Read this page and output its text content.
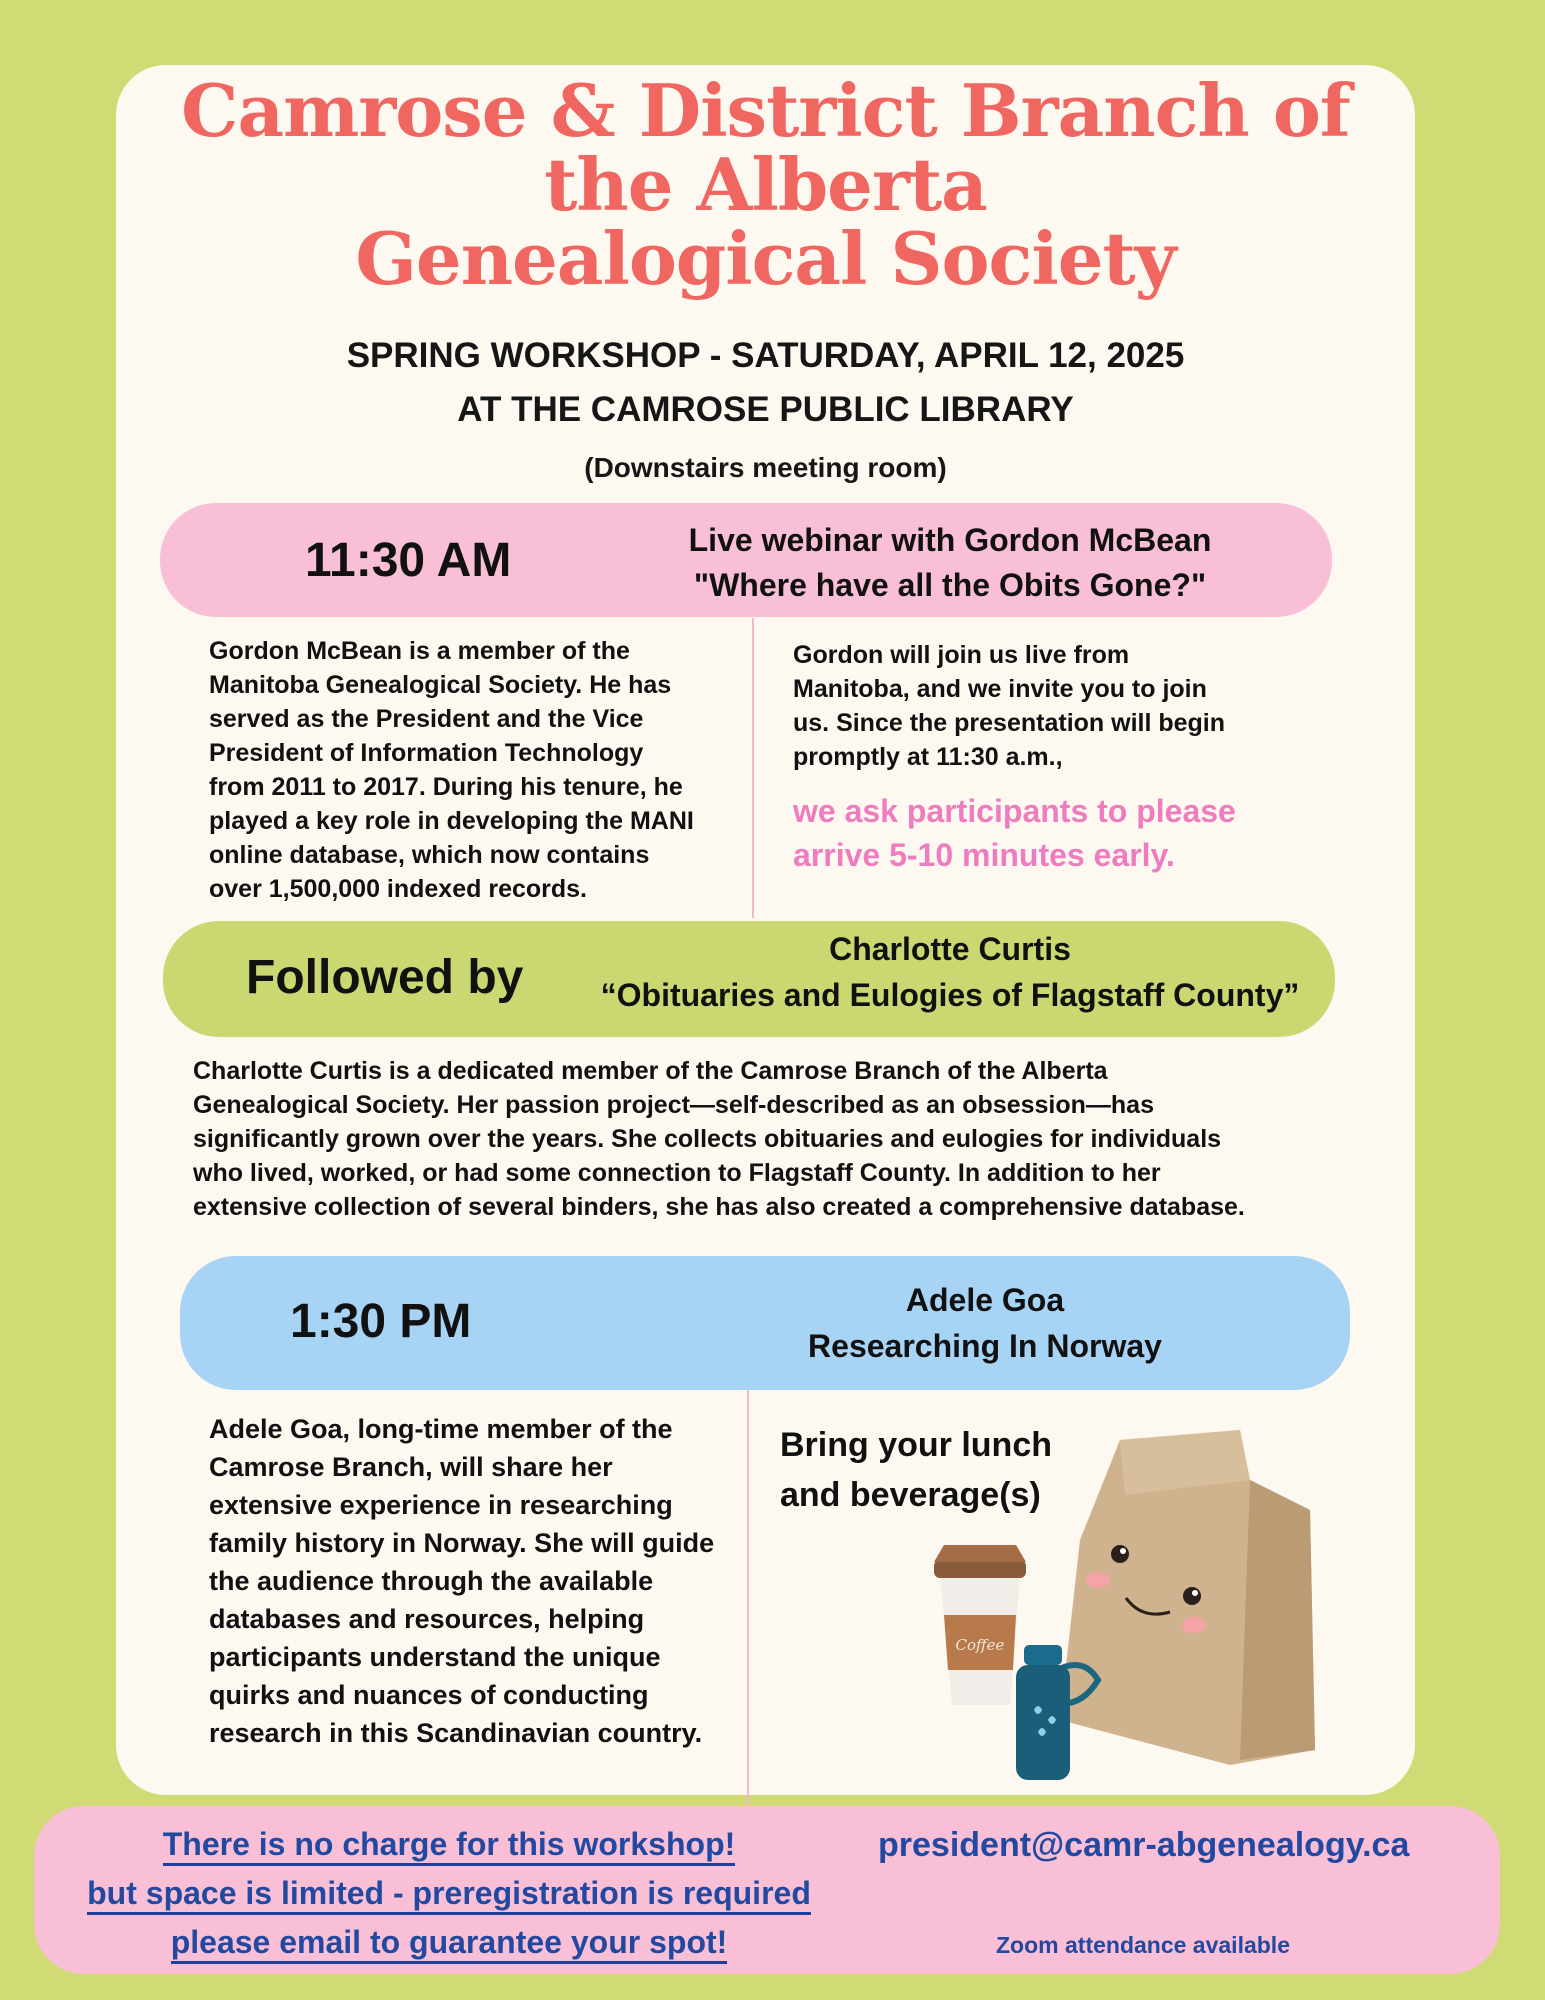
Camrose & District Branch of
the Alberta
Genealogical Society
SPRING WORKSHOP - SATURDAY, APRIL 12, 2025
AT THE CAMROSE PUBLIC LIBRARY
(Downstairs meeting room)
11:30 AM	Live webinar with Gordon McBean
"Where have all the Obits Gone?"
Gordon McBean is a member of the
Manitoba Genealogical Society. He has
served as the President and the Vice
President of Information Technology
from 2011 to 2017. During his tenure, he
played a key role in developing the MANI
online database, which now contains
over 1,500,000 indexed records.
Gordon will join us live from
Manitoba, and we invite you to join
us. Since the presentation will begin
promptly at 11:30 a.m.,
we ask participants to please
arrive 5-10 minutes early.
Followed by
Charlotte Curtis
“Obituaries and Eulogies of Flagstaff County”
Charlotte Curtis is a dedicated member of the Camrose Branch of the Alberta
Genealogical Society. Her passion project—self-described as an obsession—has
significantly grown over the years. She collects obituaries and eulogies for individuals
who lived, worked, or had some connection to Flagstaff County. In addition to her
extensive collection of several binders, she has also created a comprehensive database.
1:30 PM	Adele Goa
Researching In Norway
Adele Goa, long-time member of the
Camrose Branch, will share her
extensive experience in researching
family history in Norway. She will guide
the audience through the available
databases and resources, helping
participants understand the unique
quirks and nuances of conducting
research in this Scandinavian country.
Bring your lunch
and beverage(s)
Coffee
There is no charge for this workshop!
but space is limited - preregistration is required
please email to guarantee your spot!
president@camr-abgenealogy.ca
Zoom attendance available
